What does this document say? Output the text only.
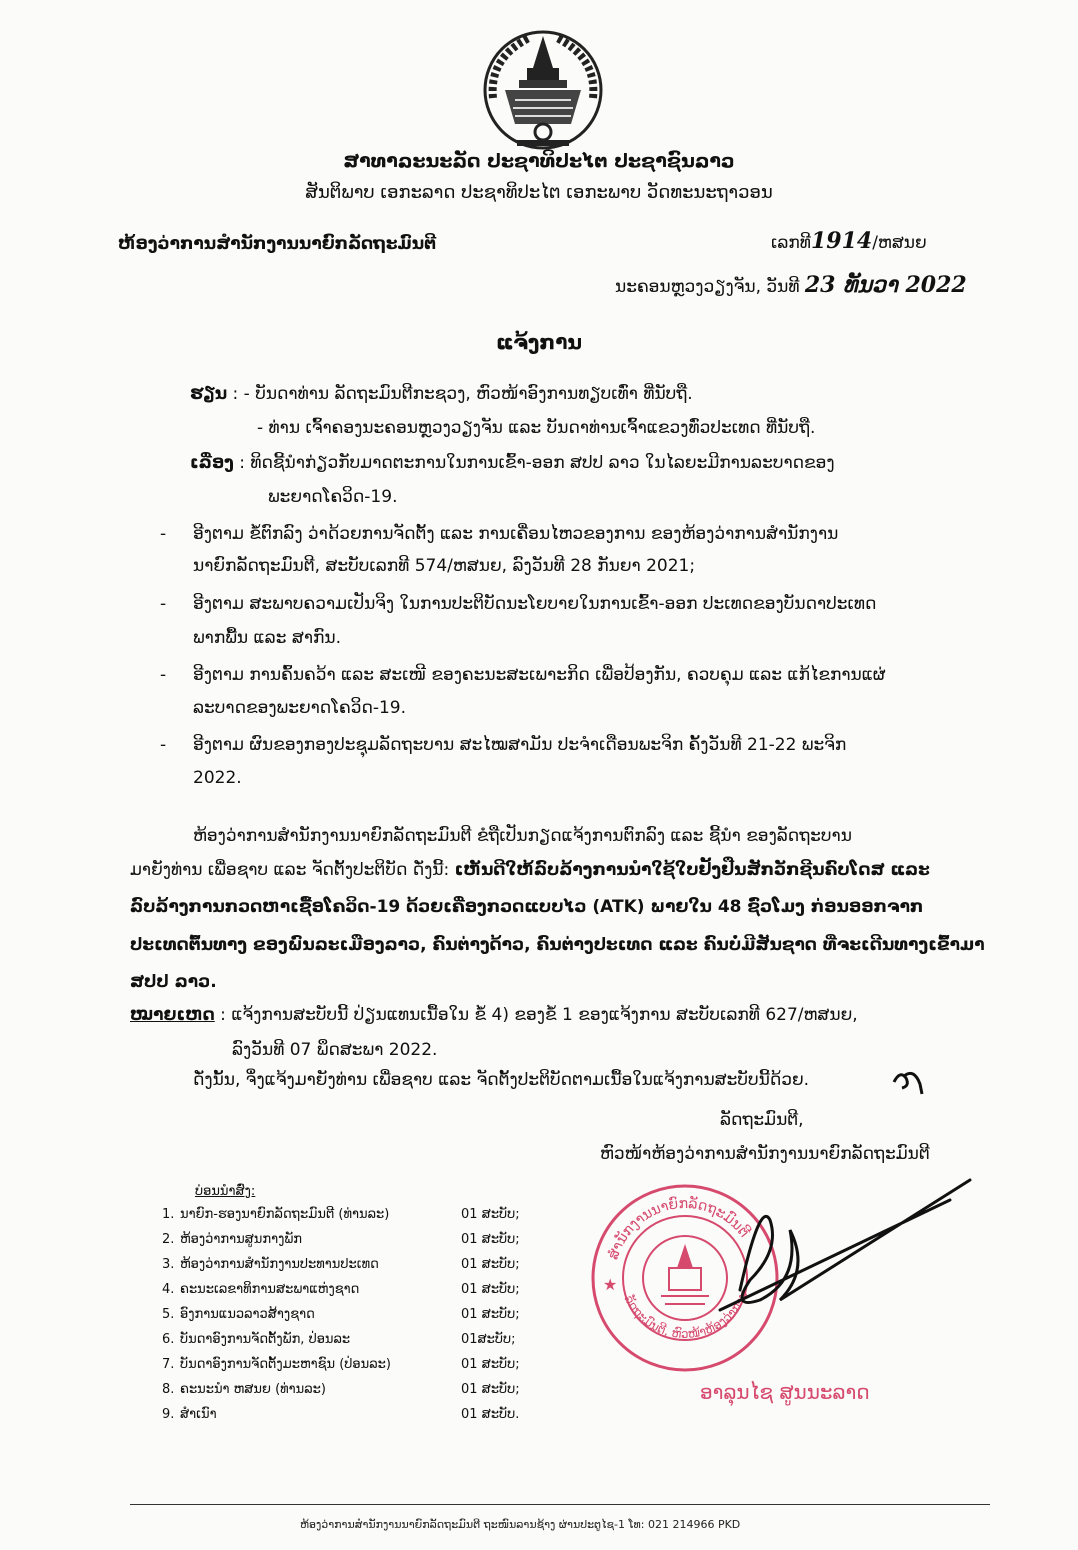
ສາທາລະນະລັດ ປະຊາທິປະໄຕ ປະຊາຊົນລາວ
ສັນຕິພາບ ເອກະລາດ ປະຊາທິປະໄຕ ເອກະພາບ ວັດທະນະຖາວອນ
ຫ້ອງວ່າການສຳນັກງານນາຍົກລັດຖະມົນຕີ	ເລກທີ1914/ຫສນຍ
ນະຄອນຫຼວງວຽງຈັນ, ວັນທີ 23 ທັນວາ 2022
ແຈ້ງການ
ຮຽນ : - ບັນດາທ່ານ ລັດຖະມົນຕີກະຊວງ, ຫົວໜ້າອົງການທຽບເທົ່າ ທີ່ນັບຖື.
- ທ່ານ ເຈົ້າຄອງນະຄອນຫຼວງວຽງຈັນ ແລະ ບັນດາທ່ານເຈົ້າແຂວງທົ່ວປະເທດ ທີ່ນັບຖື.
ເລື່ອງ : ທິດຊີ້ນຳກ່ຽວກັບມາດຕະການໃນການເຂົ້າ-ອອກ ສປປ ລາວ ໃນໄລຍະມີການລະບາດຂອງ
ພະຍາດໂຄວິດ-19.
- ອີງຕາມ ຂໍ້ຕົກລົງ ວ່າດ້ວຍການຈັດຕັ້ງ ແລະ ການເຄື່ອນໄຫວຂອງການ ຂອງຫ້ອງວ່າການສຳນັກງານ
ນາຍົກລັດຖະມົນຕີ, ສະບັບເລກທີ 574/ຫສນຍ, ລົງວັນທີ 28 ກັນຍາ 2021;
- ອີງຕາມ ສະພາບຄວາມເປັນຈິງ ໃນການປະຕິບັດນະໂຍບາຍໃນການເຂົ້າ-ອອກ ປະເທດຂອງບັນດາປະເທດ
ພາກພື້ນ ແລະ ສາກົນ.
- ອີງຕາມ ການຄົ້ນຄວ້າ ແລະ ສະເໜີ ຂອງຄະນະສະເພາະກິດ ເພື່ອປ້ອງກັນ, ຄວບຄຸມ ແລະ ແກ້ໄຂການແຜ່
ລະບາດຂອງພະຍາດໂຄວິດ-19.
- ອີງຕາມ ຜົນຂອງກອງປະຊຸມລັດຖະບານ ສະໄໝສາມັນ ປະຈຳເດືອນພະຈິກ ຄັ້ງວັນທີ 21-22 ພະຈິກ
2022.
ຫ້ອງວ່າການສຳນັກງານນາຍົກລັດຖະມົນຕີ ຂໍຖືເປັນກຽດແຈ້ງການຕົກລົງ ແລະ ຊີ້ນຳ ຂອງລັດຖະບານ
ມາຍັງທ່ານ ເພື່ອຊາບ ແລະ ຈັດຕັ້ງປະຕິບັດ ດັ່ງນີ້: ເຫັນດີໃຫ້ລົບລ້າງການນຳໃຊ້ໃບຢັ້ງຢືນສັກວັກຊີນຄົບໂດສ ແລະ
ລົບລ້າງການກວດຫາເຊື້ອໂຄວິດ-19 ດ້ວຍເຄື່ອງກວດແບບໄວ (ATK) ພາຍໃນ 48 ຊົ່ວໂມງ ກ່ອນອອກຈາກ
ປະເທດຕົ້ນທາງ ຂອງພົນລະເມືອງລາວ, ຄົນຕ່າງດ້າວ, ຄົນຕ່າງປະເທດ ແລະ ຄົນບໍ່ມີສັນຊາດ ທີ່ຈະເດີນທາງເຂົ້າມາ
ສປປ ລາວ.
ໝາຍເຫດ : ແຈ້ງການສະບັບນີ້ ປ່ຽນແທນເນື້ອໃນ ຂໍ້ 4) ຂອງຂໍ້ 1 ຂອງແຈ້ງການ ສະບັບເລກທີ 627/ຫສນຍ,
ລົງວັນທີ 07 ພຶດສະພາ 2022.
ດັ່ງນັ້ນ, ຈຶ່ງແຈ້ງມາຍັງທ່ານ ເພື່ອຊາບ ແລະ ຈັດຕັ້ງປະຕິບັດຕາມເນື້ອໃນແຈ້ງການສະບັບນີ້ດ້ວຍ.
ລັດຖະມົນຕີ,
ຫົວໜ້າຫ້ອງວ່າການສຳນັກງານນາຍົກລັດຖະມົນຕີ
ສຳນັກງານນາຍົກລັດຖະມົນຕີ
ລັດຖະມົນຕີ, ຫົວໜ້າຫ້ອງວ່າການ
★
ອາລຸນໄຊ ສູນນະລາດ
ບ່ອນນຳສົ່ງ:
1. ນາຍົກ-ຮອງນາຍົກລັດຖະມົນຕີ (ທ່ານລະ)	01 ສະບັບ;
2. ຫ້ອງວ່າການສູນກາງພັກ	01 ສະບັບ;
3. ຫ້ອງວ່າການສຳນັກງານປະທານປະເທດ	01 ສະບັບ;
4. ຄະນະເລຂາທິການສະພາແຫ່ງຊາດ	01 ສະບັບ;
5. ອົງການແນວລາວສ້າງຊາດ	01 ສະບັບ;
6. ບັນດາອົງການຈັດຕັ້ງພັກ, ປ່ອນລະ	01ສະບັບ;
7. ບັນດາອົງການຈັດຕັ້ງມະຫາຊົນ (ປ່ອນລະ)	01 ສະບັບ;
8. ຄະນະນຳ ຫສນຍ (ທ່ານລະ)	01 ສະບັບ;
9. ສຳເນົາ	01 ສະບັບ.
ຫ້ອງວ່າການສຳນັກງານນາຍົກລັດຖະມົນຕີ ຖະໜົນລານຊ້າງ ຜ່ານປະຕູໄຊ-1 ໂທ: 021 214966 PKD
